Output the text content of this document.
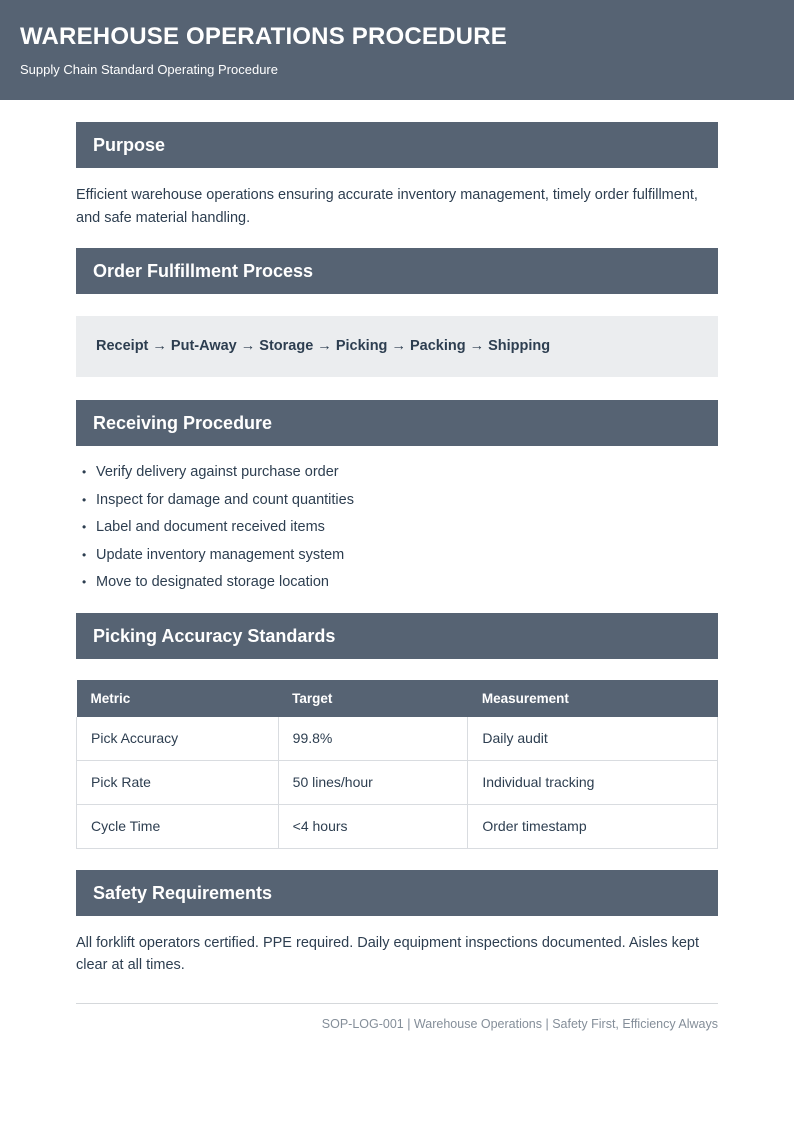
WAREHOUSE OPERATIONS PROCEDURE

Supply Chain Standard Operating Procedure

Purpose

Efficient warehouse operations ensuring accurate inventory management, timely order fulfillment, and safe material handling.

Order Fulfillment Process
Receipt → Put-Away → Storage → Picking → Packing → Shipping
Receiving Procedure
• Verify delivery against purchase order
• Inspect for damage and count quantities
• Label and document received items
• Update inventory management system
• Move to designated storage location
Picking Accuracy Standards
Metric	Target	Measurement
Pick Accuracy	99.8%	Daily audit
Pick Rate	50 lines/hour	Individual tracking
Cycle Time	<4 hours	Order timestamp
Safety Requirements

All forklift operators certified. PPE required. Daily equipment inspections documented. Aisles kept clear at all times.

SOP-LOG-001 | Warehouse Operations | Safety First, Efficiency Always
